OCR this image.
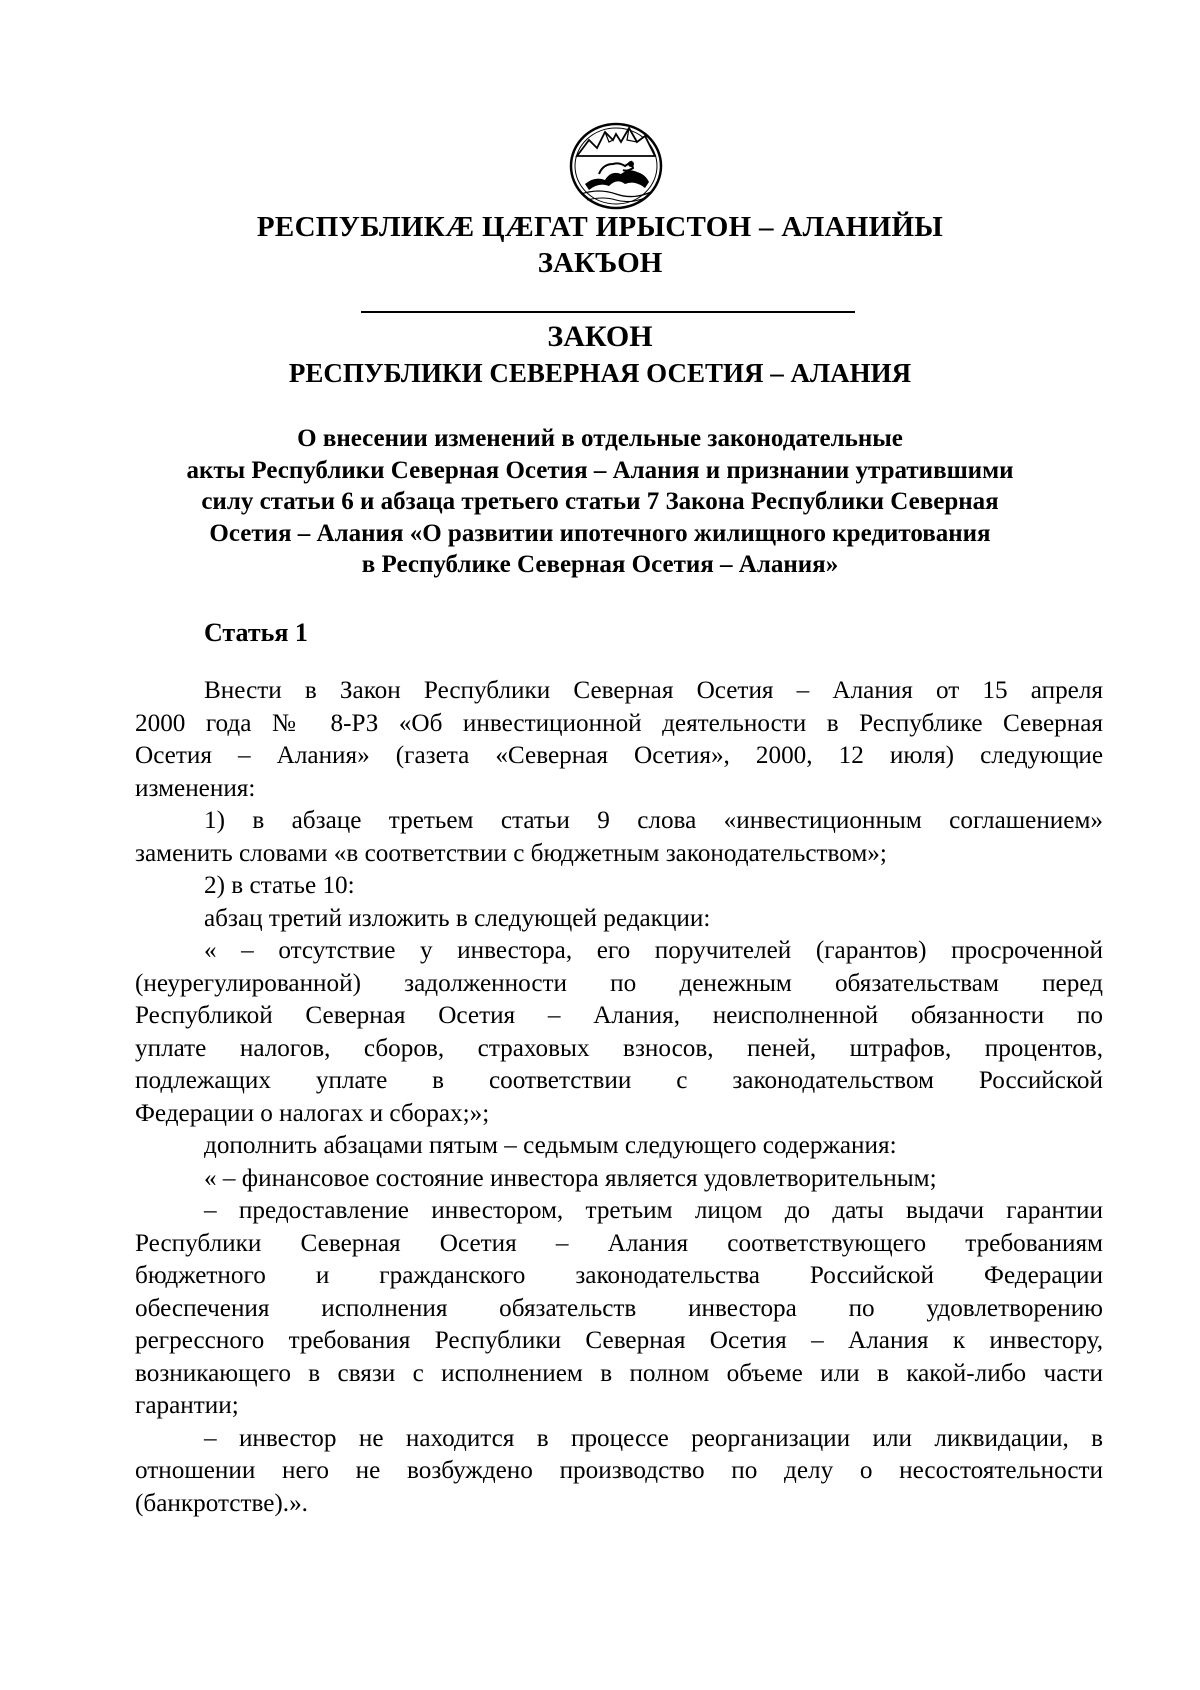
РЕСПУБЛИКӔ ЦӔГАТ ИРЫСТОН – АЛАНИЙЫ
ЗАКЪОН
ЗАКОН
РЕСПУБЛИКИ СЕВЕРНАЯ ОСЕТИЯ – АЛАНИЯ
О внесении изменений в отдельные законодательные
акты Республики Северная Осетия – Алания и признании утратившими
силу статьи 6 и абзаца третьего статьи 7 Закона Республики Северная
Осетия – Алания «О развитии ипотечного жилищного кредитования
в Республике Северная Осетия – Алания»
Статья 1
Внести в Закон Республики Северная Осетия – Алания от 15 апреля
2000 года № 8-РЗ «Об инвестиционной деятельности в Республике Северная
Осетия – Алания» (газета «Северная Осетия», 2000, 12 июля) следующие
изменения:
1) в абзаце третьем статьи 9 слова «инвестиционным соглашением»
заменить словами «в соответствии с бюджетным законодательством»;
2) в статье 10:
абзац третий изложить в следующей редакции:
« – отсутствие у инвестора, его поручителей (гарантов) просроченной
(неурегулированной) задолженности по денежным обязательствам перед
Республикой Северная Осетия – Алания, неисполненной обязанности по
уплате налогов, сборов, страховых взносов, пеней, штрафов, процентов,
подлежащих уплате в соответствии с законодательством Российской
Федерации о налогах и сборах;»;
дополнить абзацами пятым – седьмым следующего содержания:
« – финансовое состояние инвестора является удовлетворительным;
– предоставление инвестором, третьим лицом до даты выдачи гарантии
Республики Северная Осетия – Алания соответствующего требованиям
бюджетного и гражданского законодательства Российской Федерации
обеспечения исполнения обязательств инвестора по удовлетворению
регрессного требования Республики Северная Осетия – Алания к инвестору,
возникающего в связи с исполнением в полном объеме или в какой-либо части
гарантии;
– инвестор не находится в процессе реорганизации или ликвидации, в
отношении него не возбуждено производство по делу о несостоятельности
(банкротстве).».
